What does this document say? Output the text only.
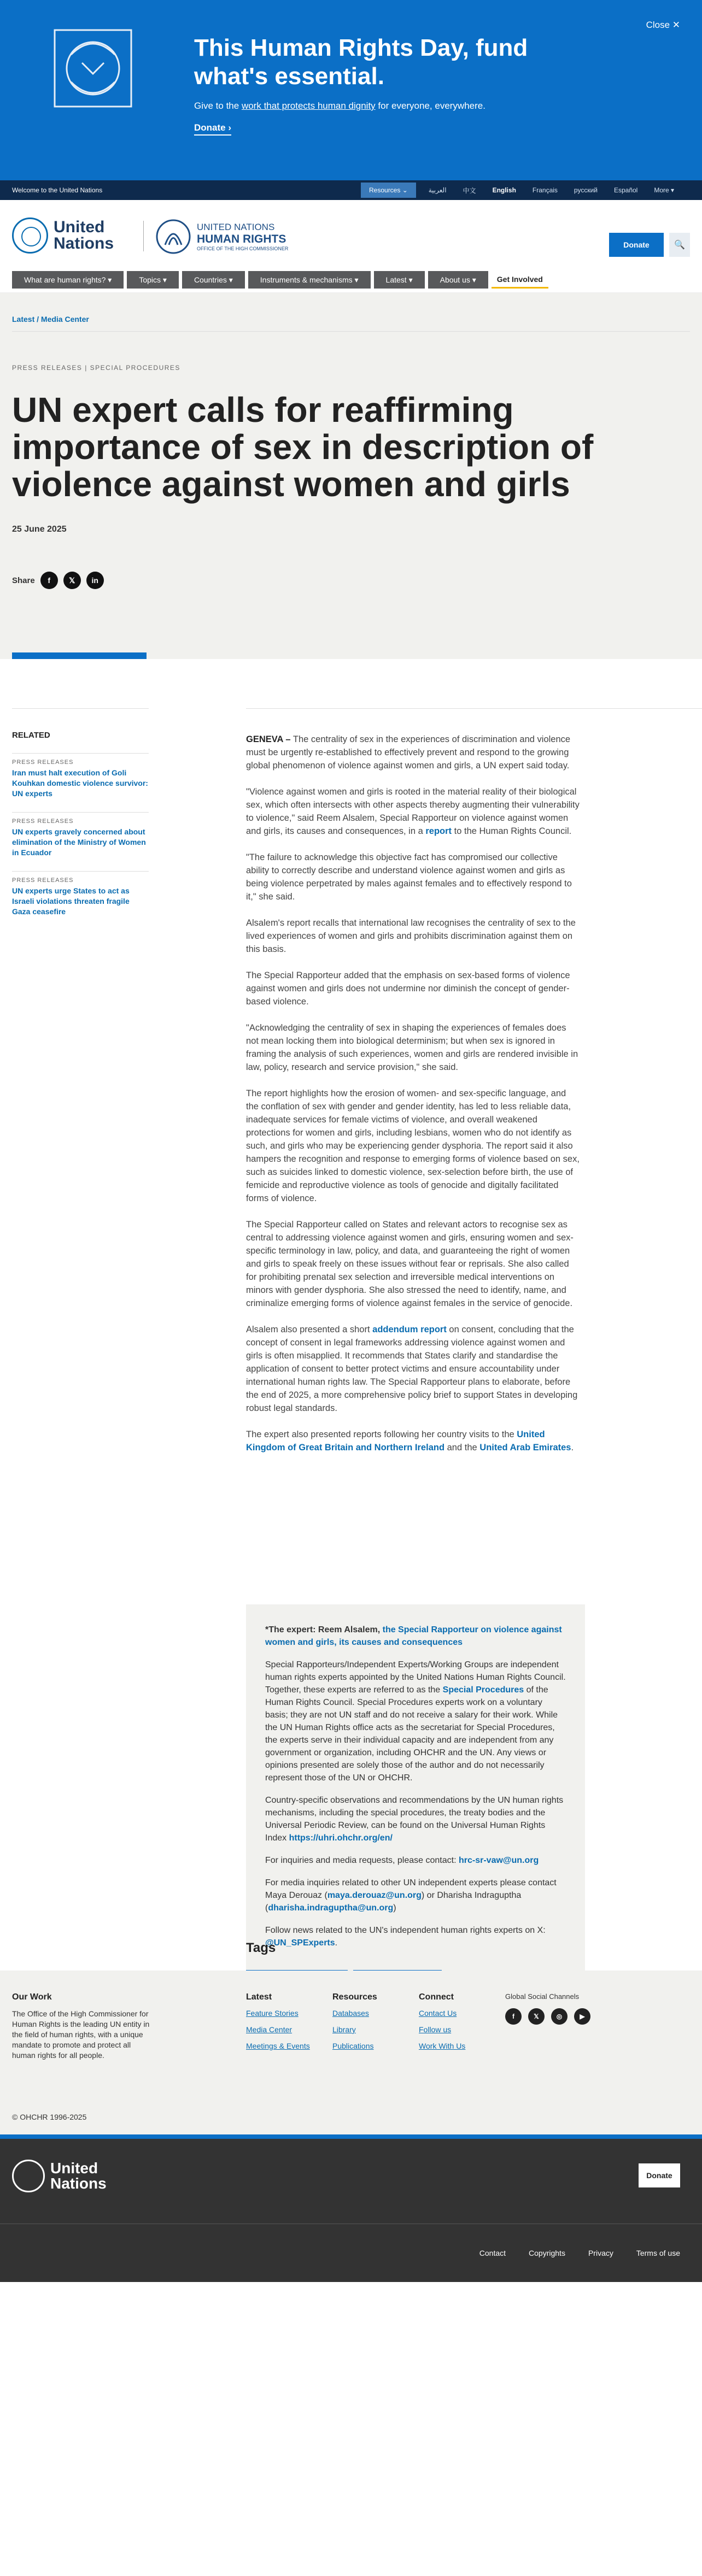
This Human Rights Day, fund what's essential.
Give to the work that protects human dignity for everyone, everywhere.
Donate ›
Close ✕
Welcome to the United Nations	Resources ⌄	العربية	中文	English	Français	русский	Español	More ▾
United
Nations
UNITED NATIONS
HUMAN RIGHTS
OFFICE OF THE HIGH COMMISSIONER	Donate	🔍
What are human rights? ▾	Topics ▾	Countries ▾	Instruments & mechanisms ▾	Latest ▾	About us ▾	Get Involved
Latest / Media Center
PRESS RELEASES | SPECIAL PROCEDURES
UN expert calls for reaffirming importance of sex in description of violence against women and girls
25 June 2025
Share	f	𝕏	in
RELATED
PRESS RELEASES
Iran must halt execution of Goli Kouhkan domestic violence survivor: UN experts
PRESS RELEASES
UN experts gravely concerned about elimination of the Ministry of Women in Ecuador
PRESS RELEASES
UN experts urge States to act as Israeli violations threaten fragile Gaza ceasefire

GENEVA – The centrality of sex in the experiences of discrimination and violence must be urgently re-established to effectively prevent and respond to the growing global phenomenon of violence against women and girls, a UN expert said today.

"Violence against women and girls is rooted in the material reality of their biological sex, which often intersects with other aspects thereby augmenting their vulnerability to violence," said Reem Alsalem, Special Rapporteur on violence against women and girls, its causes and consequences, in a report to the Human Rights Council.

"The failure to acknowledge this objective fact has compromised our collective ability to correctly describe and understand violence against women and girls as being violence perpetrated by males against females and to effectively respond to it," she said.

Alsalem's report recalls that international law recognises the centrality of sex to the lived experiences of women and girls and prohibits discrimination against them on this basis.

The Special Rapporteur added that the emphasis on sex-based forms of violence against women and girls does not undermine nor diminish the concept of gender-based violence.

"Acknowledging the centrality of sex in shaping the experiences of females does not mean locking them into biological determinism; but when sex is ignored in framing the analysis of such experiences, women and girls are rendered invisible in law, policy, research and service provision," she said.

The report highlights how the erosion of women- and sex-specific language, and the conflation of sex with gender and gender identity, has led to less reliable data, inadequate services for female victims of violence, and overall weakened protections for women and girls, including lesbians, women who do not identify as such, and girls who may be experiencing gender dysphoria. The report said it also hampers the recognition and response to emerging forms of violence based on sex, such as suicides linked to domestic violence, sex-selection before birth, the use of femicide and reproductive violence as tools of genocide and digitally facilitated forms of violence.

The Special Rapporteur called on States and relevant actors to recognise sex as central to addressing violence against women and girls, ensuring women and sex-specific terminology in law, policy, and data, and guaranteeing the right of women and girls to speak freely on these issues without fear or reprisals. She also called for prohibiting prenatal sex selection and irreversible medical interventions on minors with gender dysphoria. She also stressed the need to identify, name, and criminalize emerging forms of violence against females in the service of genocide.

Alsalem also presented a short addendum report on consent, concluding that the concept of consent in legal frameworks addressing violence against women and girls is often misapplied. It recommends that States clarify and standardise the application of consent to better protect victims and ensure accountability under international human rights law. The Special Rapporteur plans to elaborate, before the end of 2025, a more comprehensive policy brief to support States in developing robust legal standards.

The expert also presented reports following her country visits to the United Kingdom of Great Britain and Northern Ireland and the United Arab Emirates.

*The expert: Reem Alsalem, the Special Rapporteur on violence against women and girls, its causes and consequences

Special Rapporteurs/Independent Experts/Working Groups are independent human rights experts appointed by the United Nations Human Rights Council. Together, these experts are referred to as the Special Procedures of the Human Rights Council. Special Procedures experts work on a voluntary basis; they are not UN staff and do not receive a salary for their work. While the UN Human Rights office acts as the secretariat for Special Procedures, the experts serve in their individual capacity and are independent from any government or organization, including OHCHR and the UN. Any views or opinions presented are solely those of the author and do not necessarily represent those of the UN or OHCHR.

Country-specific observations and recommendations by the UN human rights mechanisms, including the special procedures, the treaty bodies and the Universal Periodic Review, can be found on the Universal Human Rights Index https://uhri.ohchr.org/en/

For inquiries and media requests, please contact: hrc-sr-vaw@un.org

For media inquiries related to other UN independent experts please contact Maya Derouaz (maya.derouaz@un.org) or Dharisha Indraguptha (dharisha.indraguptha@un.org)

Follow news related to the UN's independent human rights experts on X: @UN_SPExperts.

Tags
Our Work
The Office of the High Commissioner for Human Rights is the leading UN entity in the field of human rights, with a unique mandate to promote and protect all human rights for all people.
Latest
Feature Stories
Media Center
Meetings & Events
Resources
Databases
Library
Publications
Connect
Contact Us
Follow us
Work With Us
Global Social Channels
f	𝕏	◎	▶
© OHCHR 1996-2025
United
Nations	Donate
Contact	Copyrights	Privacy	Terms of use
